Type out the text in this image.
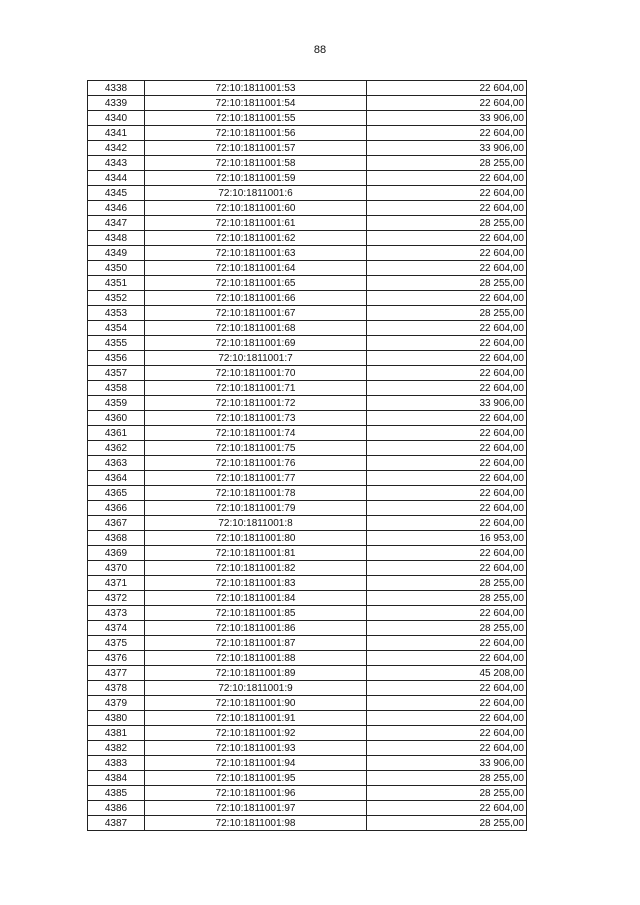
88
4338	72:10:1811001:53	22 604,00
4339	72:10:1811001:54	22 604,00
4340	72:10:1811001:55	33 906,00
4341	72:10:1811001:56	22 604,00
4342	72:10:1811001:57	33 906,00
4343	72:10:1811001:58	28 255,00
4344	72:10:1811001:59	22 604,00
4345	72:10:1811001:6	22 604,00
4346	72:10:1811001:60	22 604,00
4347	72:10:1811001:61	28 255,00
4348	72:10:1811001:62	22 604,00
4349	72:10:1811001:63	22 604,00
4350	72:10:1811001:64	22 604,00
4351	72:10:1811001:65	28 255,00
4352	72:10:1811001:66	22 604,00
4353	72:10:1811001:67	28 255,00
4354	72:10:1811001:68	22 604,00
4355	72:10:1811001:69	22 604,00
4356	72:10:1811001:7	22 604,00
4357	72:10:1811001:70	22 604,00
4358	72:10:1811001:71	22 604,00
4359	72:10:1811001:72	33 906,00
4360	72:10:1811001:73	22 604,00
4361	72:10:1811001:74	22 604,00
4362	72:10:1811001:75	22 604,00
4363	72:10:1811001:76	22 604,00
4364	72:10:1811001:77	22 604,00
4365	72:10:1811001:78	22 604,00
4366	72:10:1811001:79	22 604,00
4367	72:10:1811001:8	22 604,00
4368	72:10:1811001:80	16 953,00
4369	72:10:1811001:81	22 604,00
4370	72:10:1811001:82	22 604,00
4371	72:10:1811001:83	28 255,00
4372	72:10:1811001:84	28 255,00
4373	72:10:1811001:85	22 604,00
4374	72:10:1811001:86	28 255,00
4375	72:10:1811001:87	22 604,00
4376	72:10:1811001:88	22 604,00
4377	72:10:1811001:89	45 208,00
4378	72:10:1811001:9	22 604,00
4379	72:10:1811001:90	22 604,00
4380	72:10:1811001:91	22 604,00
4381	72:10:1811001:92	22 604,00
4382	72:10:1811001:93	22 604,00
4383	72:10:1811001:94	33 906,00
4384	72:10:1811001:95	28 255,00
4385	72:10:1811001:96	28 255,00
4386	72:10:1811001:97	22 604,00
4387	72:10:1811001:98	28 255,00
